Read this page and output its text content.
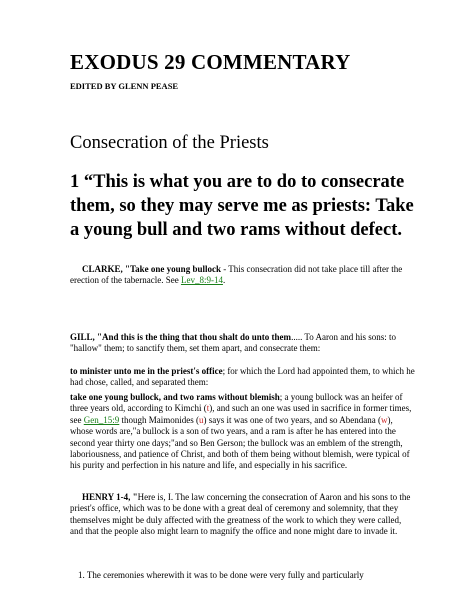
EXODUS 29 COMMENTARY
EDITED BY GLENN PEASE
Consecration of the Priests
1 “This is what you are to do to consecrate them, so they may serve me as priests: Take a young bull and two rams without defect.

CLARKE, "Take one young bullock - This consecration did not take place till after the erection of the tabernacle. See Lev_8:9-14.

GILL, "And this is the thing that thou shalt do unto them..... To Aaron and his sons: to "hallow" them; to sanctify them, set them apart, and consecrate them:

to minister unto me in the priest's office; for which the Lord had appointed them, to which he had chose, called, and separated them:

take one young bullock, and two rams without blemish; a young bullock was an heifer of three years old, according to Kimchi (t), and such an one was used in sacrifice in former times, see Gen_15:9 though Maimonides (u) says it was one of two years, and so Abendana (w), whose words are,"a bullock is a son of two years, and a ram is after he has entered into the second year thirty one days;"and so Ben Gerson; the bullock was an emblem of the strength, laboriousness, and patience of Christ, and both of them being without blemish, were typical of his purity and perfection in his nature and life, and especially in his sacrifice.

HENRY 1-4, "Here is, I. The law concerning the consecration of Aaron and his sons to the priest's office, which was to be done with a great deal of ceremony and solemnity, that they themselves might be duly affected with the greatness of the work to which they were called, and that the people also might learn to magnify the office and none might dare to invade it.

1. The ceremonies wherewith it was to be done were very fully and particularly
